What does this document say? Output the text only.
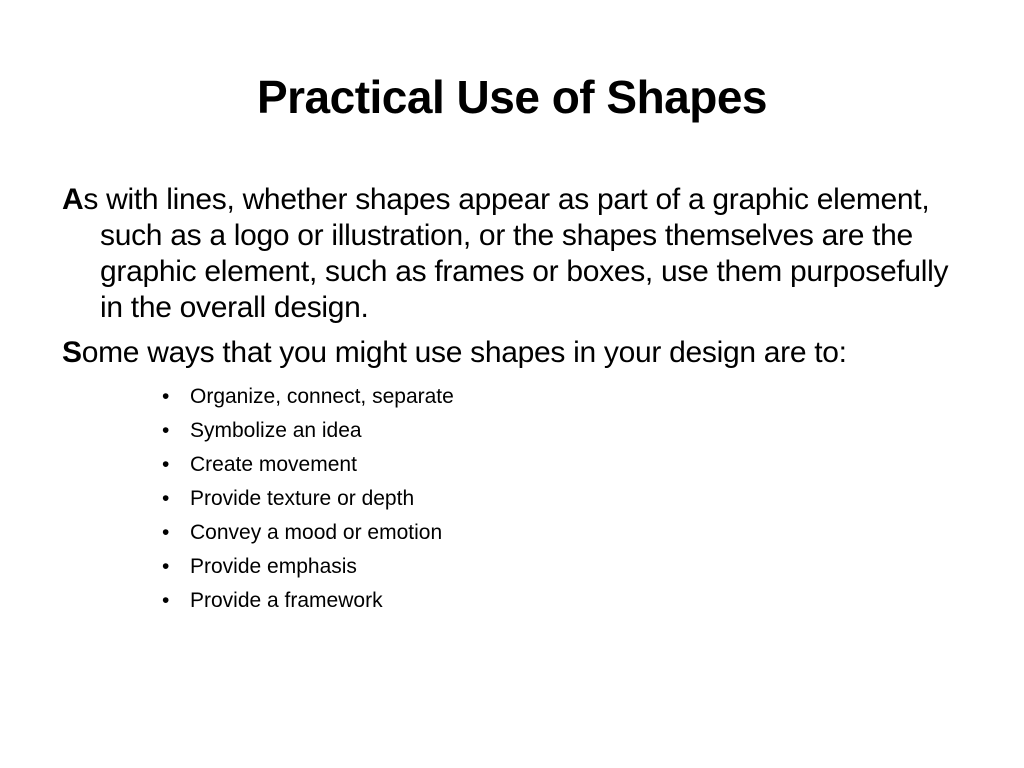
Practical Use of Shapes

As with lines, whether shapes appear as part of a graphic element, such as a logo or illustration, or the shapes themselves are the graphic element, such as frames or boxes, use them purposefully in the overall design.

Some ways that you might use shapes in your design are to:

• Organize, connect, separate
• Symbolize an idea
• Create movement
• Provide texture or depth
• Convey a mood or emotion
• Provide emphasis
• Provide a framework
